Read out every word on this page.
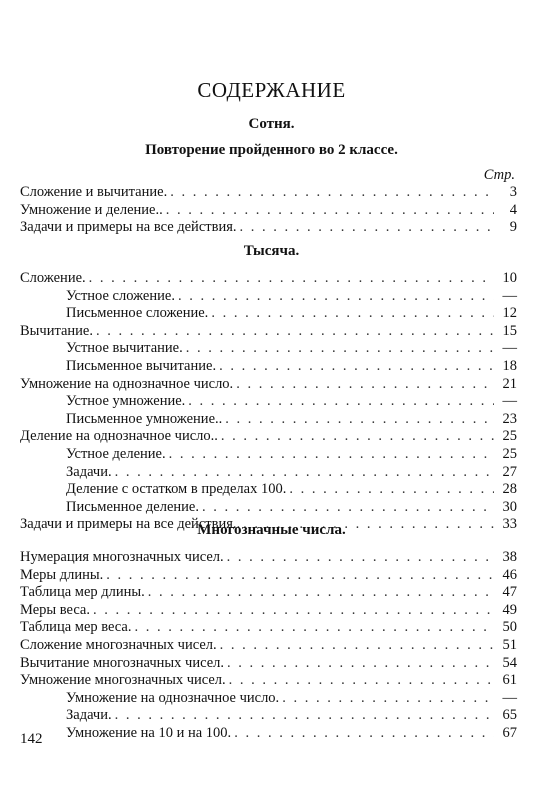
СОДЕРЖАНИЕ
Сотня.
Повторение пройденного во 2 классе.
Стр.
Сложение и вычитание. . . .	3
Умножение и деление.. . . .	4
Задачи и примеры на все действия. . . .	9
Тысяча.
Сложение. . . .	10
Устное сложение. . . .	—
Письменное сложение. . . .	12
Вычитание. . . .	15
Устное вычитание. . . .	—
Письменное вычитание. . . .	18
Умножение на однозначное число. . . .	21
Устное умножение. . . .	—
Письменное умножение.. . . .	23
Деление на однозначное число.. . . .	25
Устное деление. . . .	25
Задачи. . . .	27
Деление с остатком в пределах 100. . . .	28
Письменное деление. . . .	30
Задачи и примеры на все действия.. . . .	33
Многозначные числа.
Нумерация многозначных чисел. . . .	38
Меры длины. . . .	46
Таблица мер длины. . . .	47
Меры веса. . . .	49
Таблица мер веса. . . .	50
Сложение многозначных чисел. . . .	51
Вычитание многозначных чисел. . . .	54
Умножение многозначных чисел. . . .	61
Умножение на однозначное число. . . .	—
Задачи. . . .	65
Умножение на 10 и на 100. . . .	67
142
